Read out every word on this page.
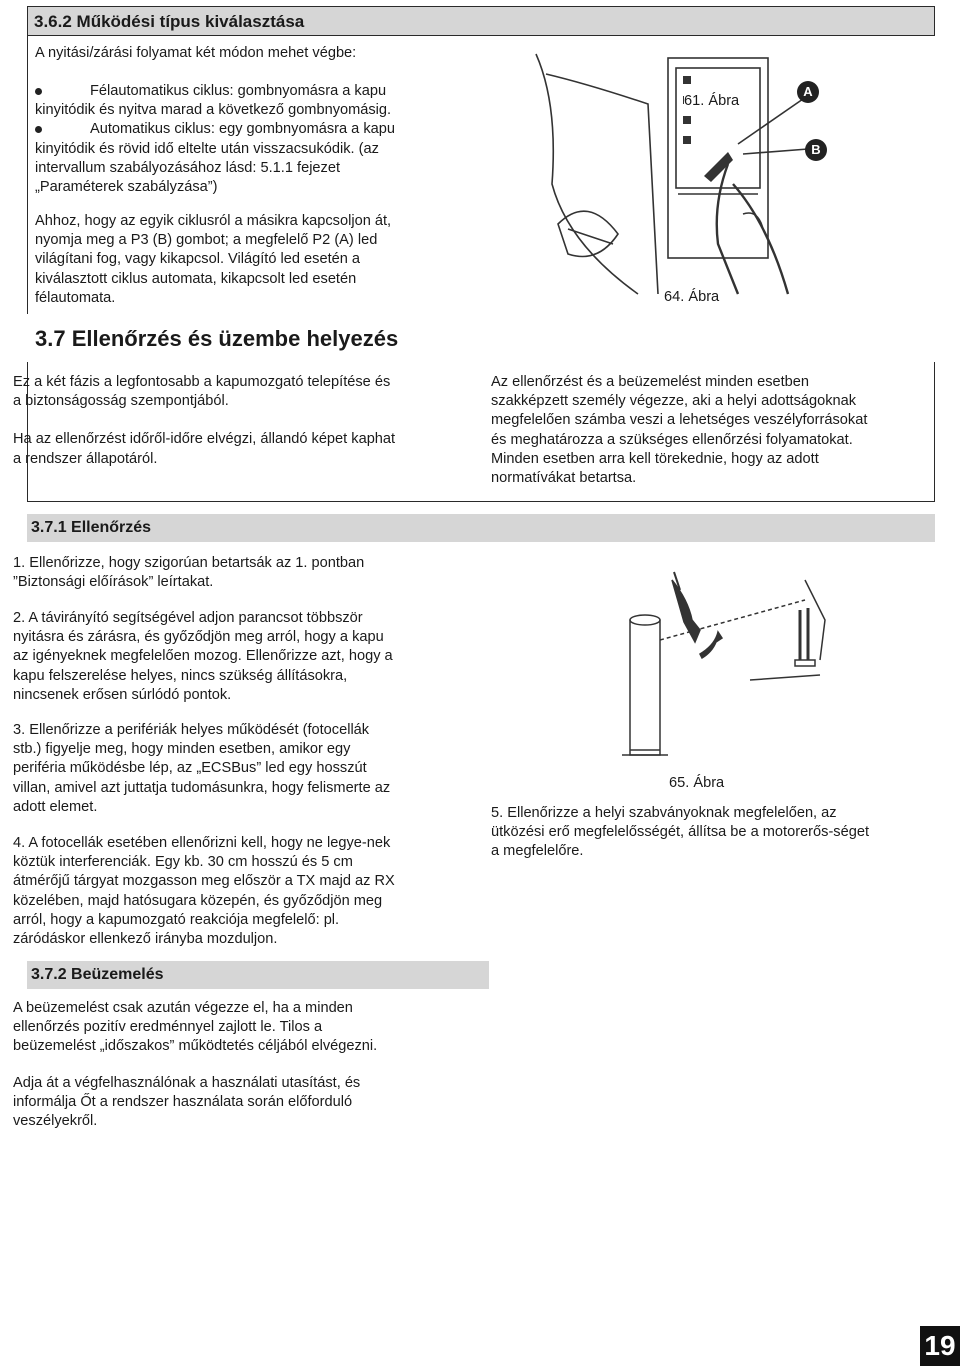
3.6.2 Működési típus kiválasztása
A nyitási/zárási folyamat két módon mehet végbe:
Félautomatikus ciklus: gombnyomásra a kapu
kinyitódik és nyitva marad a következő gombnyomásig.
Automatikus ciklus: egy gombnyomásra a kapu
kinyitódik és rövid idő eltelte után visszacsukódik. (az
intervallum szabályozásához lásd: 5.1.1 fejezet
„Paraméterek szabályzása”)
Ahhoz, hogy az egyik ciklusról a másikra kapcsoljon át,
nyomja meg a P3 (B) gombot; a megfelelő P2 (A) led
világítani fog, vagy kikapcsol. Világító led esetén a
kiválasztott ciklus automata, kikapcsolt led esetén
félautomata.
A
B
61. Ábra
64. Ábra
3.7 Ellenőrzés és üzembe helyezés
Ez a két fázis a legfontosabb a kapumozgató telepítése és
a biztonságosság szempontjából.
Ha az ellenőrzést időről-időre elvégzi, állandó képet kaphat
a rendszer állapotáról.
Az ellenőrzést és a beüzemelést minden esetben
szakképzett személy végezze, aki a helyi adottságoknak
megfelelően számba veszi a lehetséges veszélyforrásokat
és meghatározza a szükséges ellenőrzési folyamatokat.
Minden esetben arra kell törekednie, hogy az adott
normatívákat betartsa.
3.7.1 Ellenőrzés
1. Ellenőrizze, hogy szigorúan betartsák az 1. pontban
”Biztonsági előírások” leírtakat.
2. A távirányító segítségével adjon parancsot többször
nyitásra és zárásra, és győződjön meg arról, hogy a kapu
az igényeknek megfelelően mozog. Ellenőrizze azt, hogy a
kapu felszerelése helyes, nincs szükség állításokra,
nincsenek erősen súrlódó pontok.
3. Ellenőrizze a perifériák helyes működését (fotocellák
stb.) figyelje meg, hogy minden esetben, amikor egy
periféria működésbe lép, az „ECSBus” led egy hosszút
villan, amivel azt juttatja tudomásunkra, hogy felismerte az
adott elemet.
4. A fotocellák esetében ellenőrizni kell, hogy ne legye-nek
köztük interferenciák. Egy kb. 30 cm hosszú és 5 cm
átmérőjű tárgyat mozgasson meg először a TX majd az RX
közelében, majd hatósugara közepén, és győződjön meg
arról, hogy a kapumozgató reakciója megfelelő: pl.
záródáskor ellenkező irányba mozduljon.
65. Ábra
5. Ellenőrizze a helyi szabványoknak megfelelően, az
ütközési erő megfelelősségét, állítsa be a motorerős-séget
a megfelelőre.
3.7.2 Beüzemelés
A beüzemelést csak azután végezze el, ha a minden
ellenőrzés pozitív eredménnyel zajlott le. Tilos a
beüzemelést „időszakos” működtetés céljából elvégezni.
Adja át a végfelhasználónak a használati utasítást, és
informálja Őt a rendszer használata során előforduló
veszélyekről.
19
